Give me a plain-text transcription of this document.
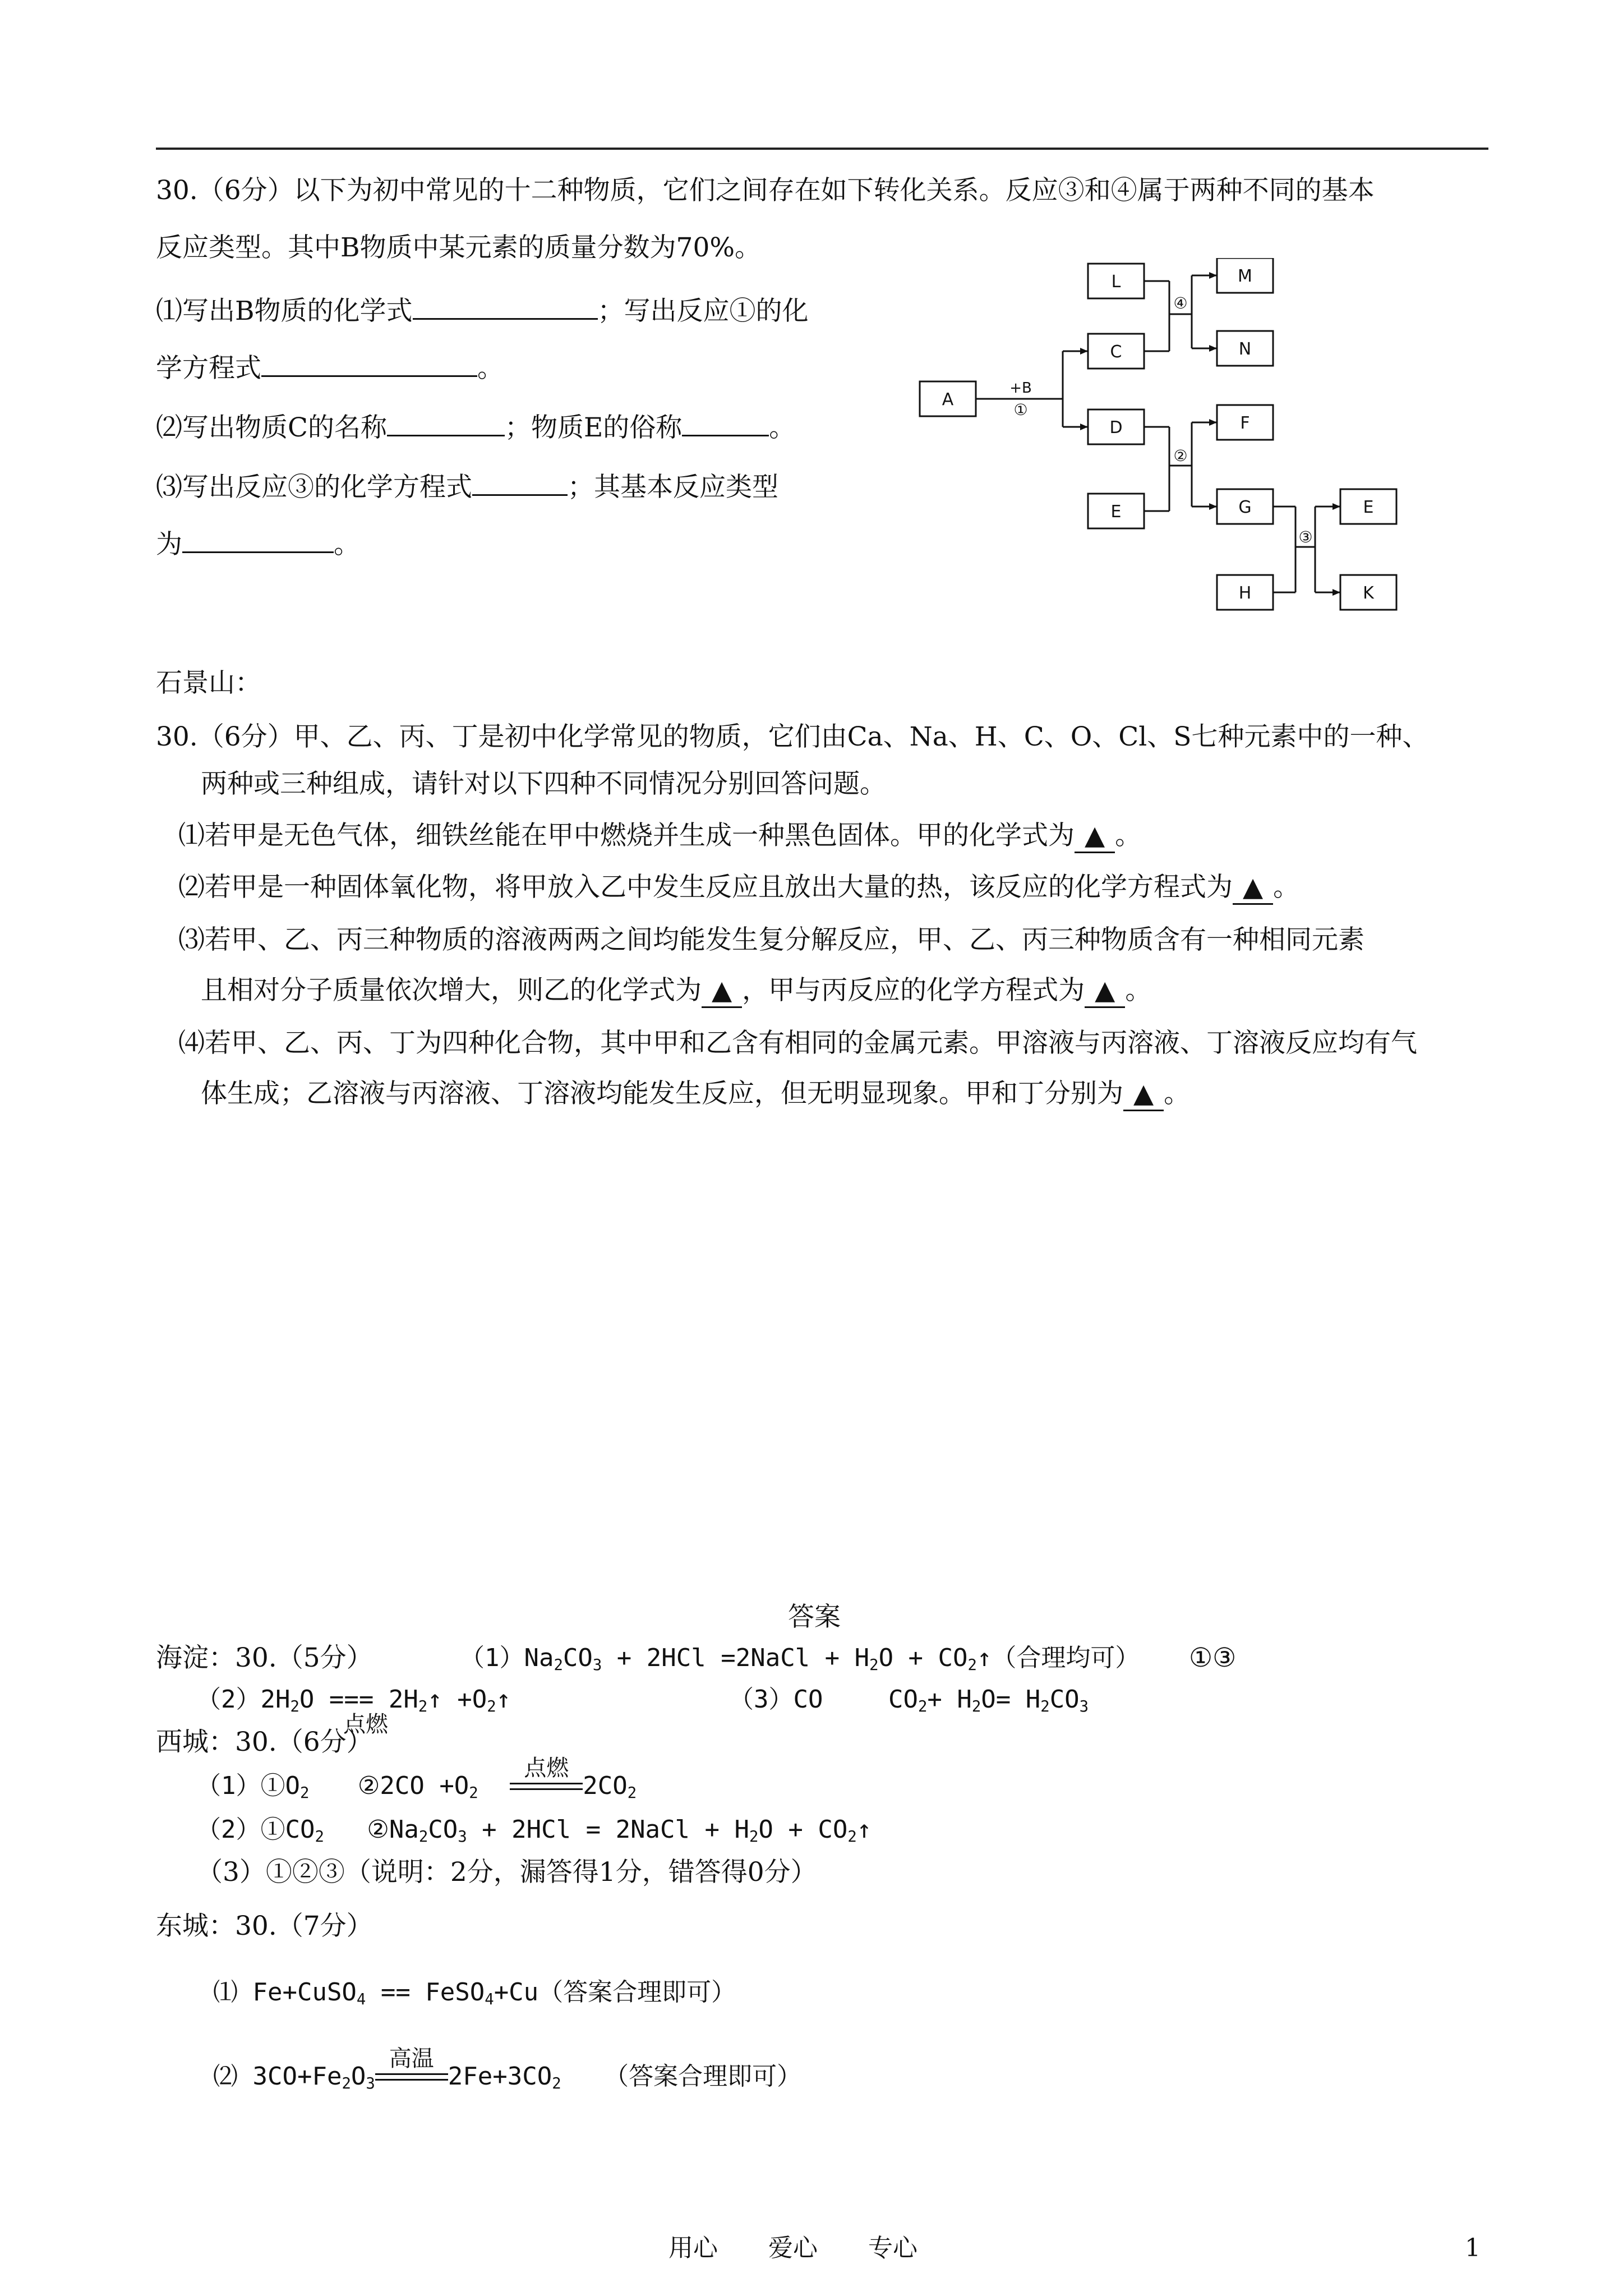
30.（6分）以下为初中常见的十二种物质，它们之间存在如下转化关系。反应③和④属于两种不同的基本
反应类型。其中B物质中某元素的质量分数为70%。
⑴写出B物质的化学式	；写出反应①的化
学方程式	。
⑵写出物质C的名称	；物质E的俗称	。
⑶写出反应③的化学方程式	；其基本反应类型
为	。
A
L	M
C	N
D	F
E	G	E
H	K
+B
①
④
②
③
石景山：
30.（6分）甲、乙、丙、丁是初中化学常见的物质，它们由Ca、Na、H、C、O、Cl、S七种元素中的一种、
两种或三种组成，请针对以下四种不同情况分别回答问题。
⑴若甲是无色气体，细铁丝能在甲中燃烧并生成一种黑色固体。甲的化学式为 ▲ 。
⑵若甲是一种固体氧化物，将甲放入乙中发生反应且放出大量的热，该反应的化学方程式为 ▲ 。
⑶若甲、乙、丙三种物质的溶液两两之间均能发生复分解反应，甲、乙、丙三种物质含有一种相同元素
且相对分子质量依次增大，则乙的化学式为 ▲ ，甲与丙反应的化学方程式为 ▲ 。
⑷若甲、乙、丙、丁为四种化合物，其中甲和乙含有相同的金属元素。甲溶液与丙溶液、丁溶液反应均有气
体生成；乙溶液与丙溶液、丁溶液均能发生反应，但无明显现象。甲和丁分别为 ▲ 。
答案
海淀：30.（5分）	$(1)Na_2CO_3 + 2HCl$ =2NaCl + $H_2O$ + $CO_2↑$（合理均可） ①③
$(2)2H_2O$ === $2H_2↑$ $+O_2↑$
点燃
（3）CO	$CO_2+ H_2O= H_2CO_3$
西城：30.（6分）
$(1)①O_2$ ②2CO $+O_2$
点燃
$2CO_2$
$(2)①CO_2$ $②Na_2CO_3 + 2HCl$ = 2NaCl + $H_2O$ + $CO_2↑$
（3）①②③（说明：2分，漏答得1分，错答得0分）
东城：30.（7分）
⑴ Fe+CuSO$_4$ == FeSO$_4$+Cu（答案合理即可）
⑵ $3CO+Fe_2O_3$
高温
$2Fe+3CO_2$ （答案合理即可）
用心 爱心 专心	1
